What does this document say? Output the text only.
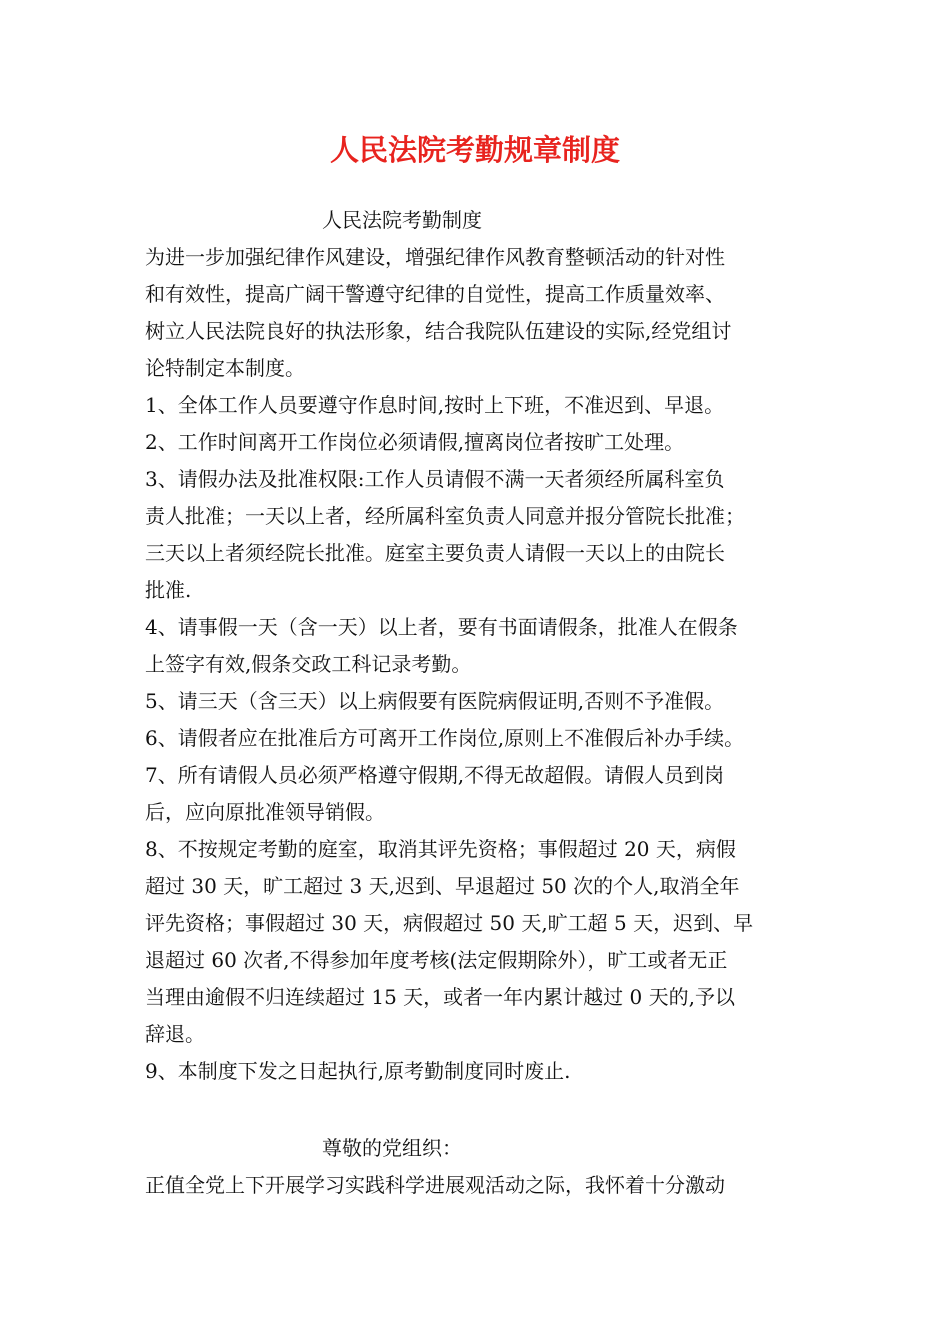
人民法院考勤规章制度
人民法院考勤制度
为进一步加强纪律作风建设，增强纪律作风教育整顿活动的针对性
和有效性，提高广阔干警遵守纪律的自觉性，提高工作质量效率、
树立人民法院良好的执法形象，结合我院队伍建设的实际,经党组讨
论特制定本制度。
1、全体工作人员要遵守作息时间,按时上下班，不准迟到、早退。
2、工作时间离开工作岗位必须请假,擅离岗位者按旷工处理。
3、请假办法及批准权限:工作人员请假不满一天者须经所属科室负
责人批准；一天以上者，经所属科室负责人同意并报分管院长批准；
三天以上者须经院长批准。庭室主要负责人请假一天以上的由院长
批准.
4、请事假一天（含一天）以上者，要有书面请假条，批准人在假条
上签字有效,假条交政工科记录考勤。
5、请三天（含三天）以上病假要有医院病假证明,否则不予准假。
6、请假者应在批准后方可离开工作岗位,原则上不准假后补办手续。
7、所有请假人员必须严格遵守假期,不得无故超假。请假人员到岗
后，应向原批准领导销假。
8、不按规定考勤的庭室，取消其评先资格；事假超过 20 天，病假
超过 30 天，旷工超过 3 天,迟到、早退超过 50 次的个人,取消全年
评先资格；事假超过 30 天，病假超过 50 天,旷工超 5 天，迟到、早
退超过 60 次者,不得参加年度考核(法定假期除外），旷工或者无正
当理由逾假不归连续超过 15 天，或者一年内累计越过 0 天的,予以
辞退。
9、本制度下发之日起执行,原考勤制度同时废止.
尊敬的党组织：
正值全党上下开展学习实践科学进展观活动之际，我怀着十分激动
